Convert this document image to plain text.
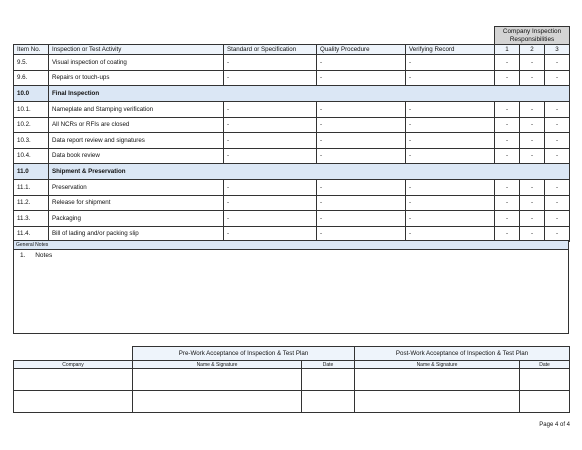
					Company Inspection Responsibilities		
Item No.	Inspection or Test Activity	Standard or Specification	Quality Procedure	Verifying Record	1	2	3
9.5.	Visual inspection of coating	-	-	-	-	-	-
9.6.	Repairs or touch-ups	-	-	-	-	-	-
10.0	Final Inspection						
10.1.	Nameplate and Stamping verification	-	-	-	-	-	-
10.2.	All NCRs or RFIs are closed	-	-	-	-	-	-
10.3.	Data report review and signatures	-	-	-	-	-	-
10.4.	Data book review	-	-	-	-	-	-
11.0	Shipment & Preservation						
11.1.	Preservation	-	-	-	-	-	-
11.2.	Release for shipment	-	-	-	-	-	-
11.3.	Packaging	-	-	-	-	-	-
11.4.	Bill of lading and/or packing slip	-	-	-	-	-	-
General Notes
1. Notes
	Pre-Work Acceptance of Inspection & Test Plan		Post-Work Acceptance of Inspection & Test Plan	
Company	Name & Signature	Date	Name & Signature	Date

Page 4 of 4
